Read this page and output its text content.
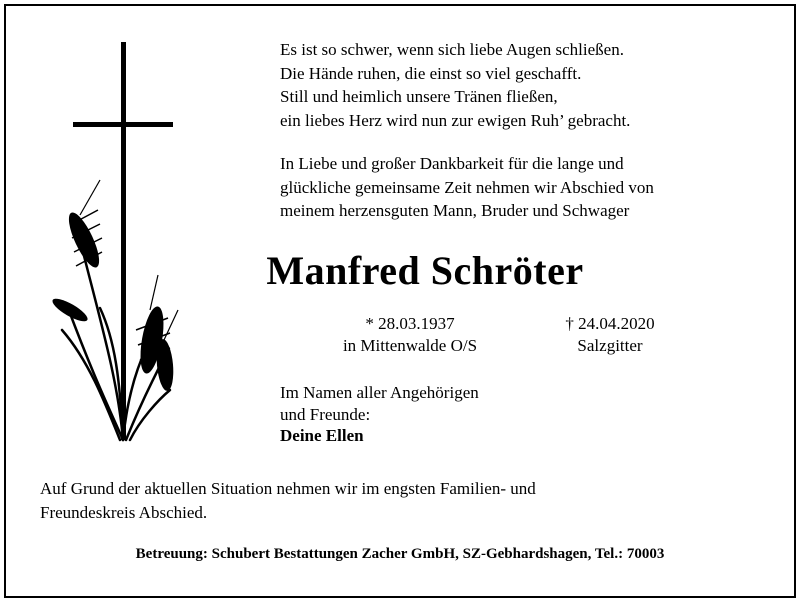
Es ist so schwer, wenn sich liebe Augen schließen.
Die Hände ruhen, die einst so viel geschafft.
Still und heimlich unsere Tränen fließen,
ein liebes Herz wird nun zur ewigen Ruh’ gebracht.
In Liebe und großer Dankbarkeit für die lange und
glückliche gemeinsame Zeit nehmen wir Abschied von
meinem herzensguten Mann, Bruder und Schwager
Manfred Schröter
* 28.03.1937
in Mittenwalde O/S
† 24.04.2020
Salzgitter
Im Namen aller Angehörigen
und Freunde:
Deine Ellen
Auf Grund der aktuellen Situation nehmen wir im engsten Familien- und
Freundeskreis Abschied.
Betreuung: Schubert Bestattungen Zacher GmbH, SZ-Gebhardshagen, Tel.: 70003
